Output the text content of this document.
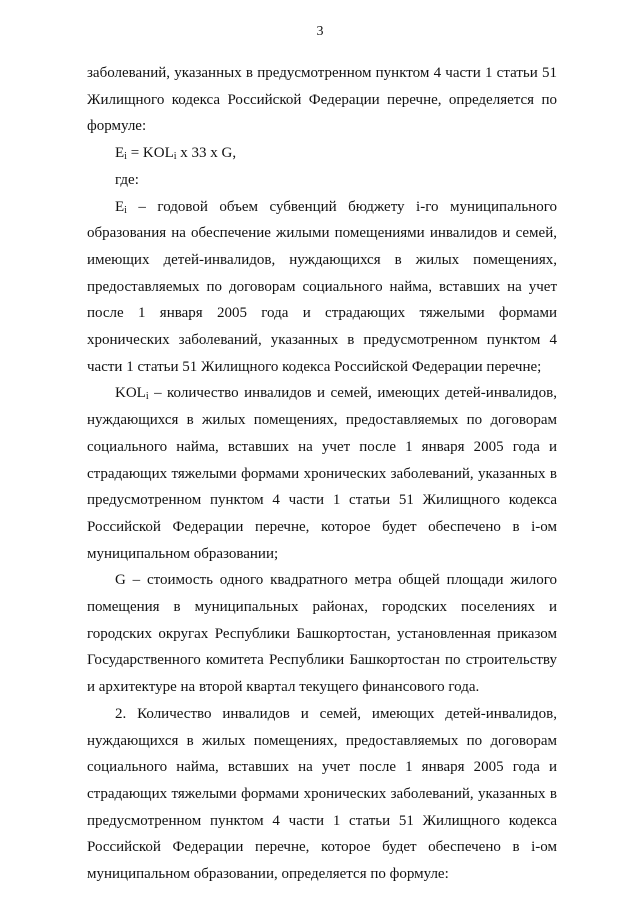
3

заболеваний, указанных в предусмотренном пунктом 4 части 1 статьи 51 Жилищного кодекса Российской Федерации перечне, определяется по формуле:

$E_i = KOL_i$ x 33 x G,

где:

$E_i$ – годовой объем субвенций бюджету i-го муниципального образования на обеспечение жилыми помещениями инвалидов и семей, имеющих детей-инвалидов, нуждающихся в жилых помещениях, предоставляемых по договорам социального найма, вставших на учет после 1 января 2005 года и страдающих тяжелыми формами хронических заболеваний, указанных в предусмотренном пунктом 4 части 1 статьи 51 Жилищного кодекса Российской Федерации перечне;

$KOL_i$ – количество инвалидов и семей, имеющих детей-инвалидов, нуждающихся в жилых помещениях, предоставляемых по договорам социального найма, вставших на учет после 1 января 2005 года и страдающих тяжелыми формами хронических заболеваний, указанных в предусмотренном пунктом 4 части 1 статьи 51 Жилищного кодекса Российской Федерации перечне, которое будет обеспечено в i-ом муниципальном образовании;

G – стоимость одного квадратного метра общей площади жилого помещения в муниципальных районах, городских поселениях и городских округах Республики Башкортостан, установленная приказом Государственного комитета Республики Башкортостан по строительству и архитектуре на второй квартал текущего финансового года.

2. Количество инвалидов и семей, имеющих детей-инвалидов, нуждающихся в жилых помещениях, предоставляемых по договорам социального найма, вставших на учет после 1 января 2005 года и страдающих тяжелыми формами хронических заболеваний, указанных в предусмотренном пунктом 4 части 1 статьи 51 Жилищного кодекса Российской Федерации перечне, которое будет обеспечено в i-ом муниципальном образовании, определяется по формуле:
